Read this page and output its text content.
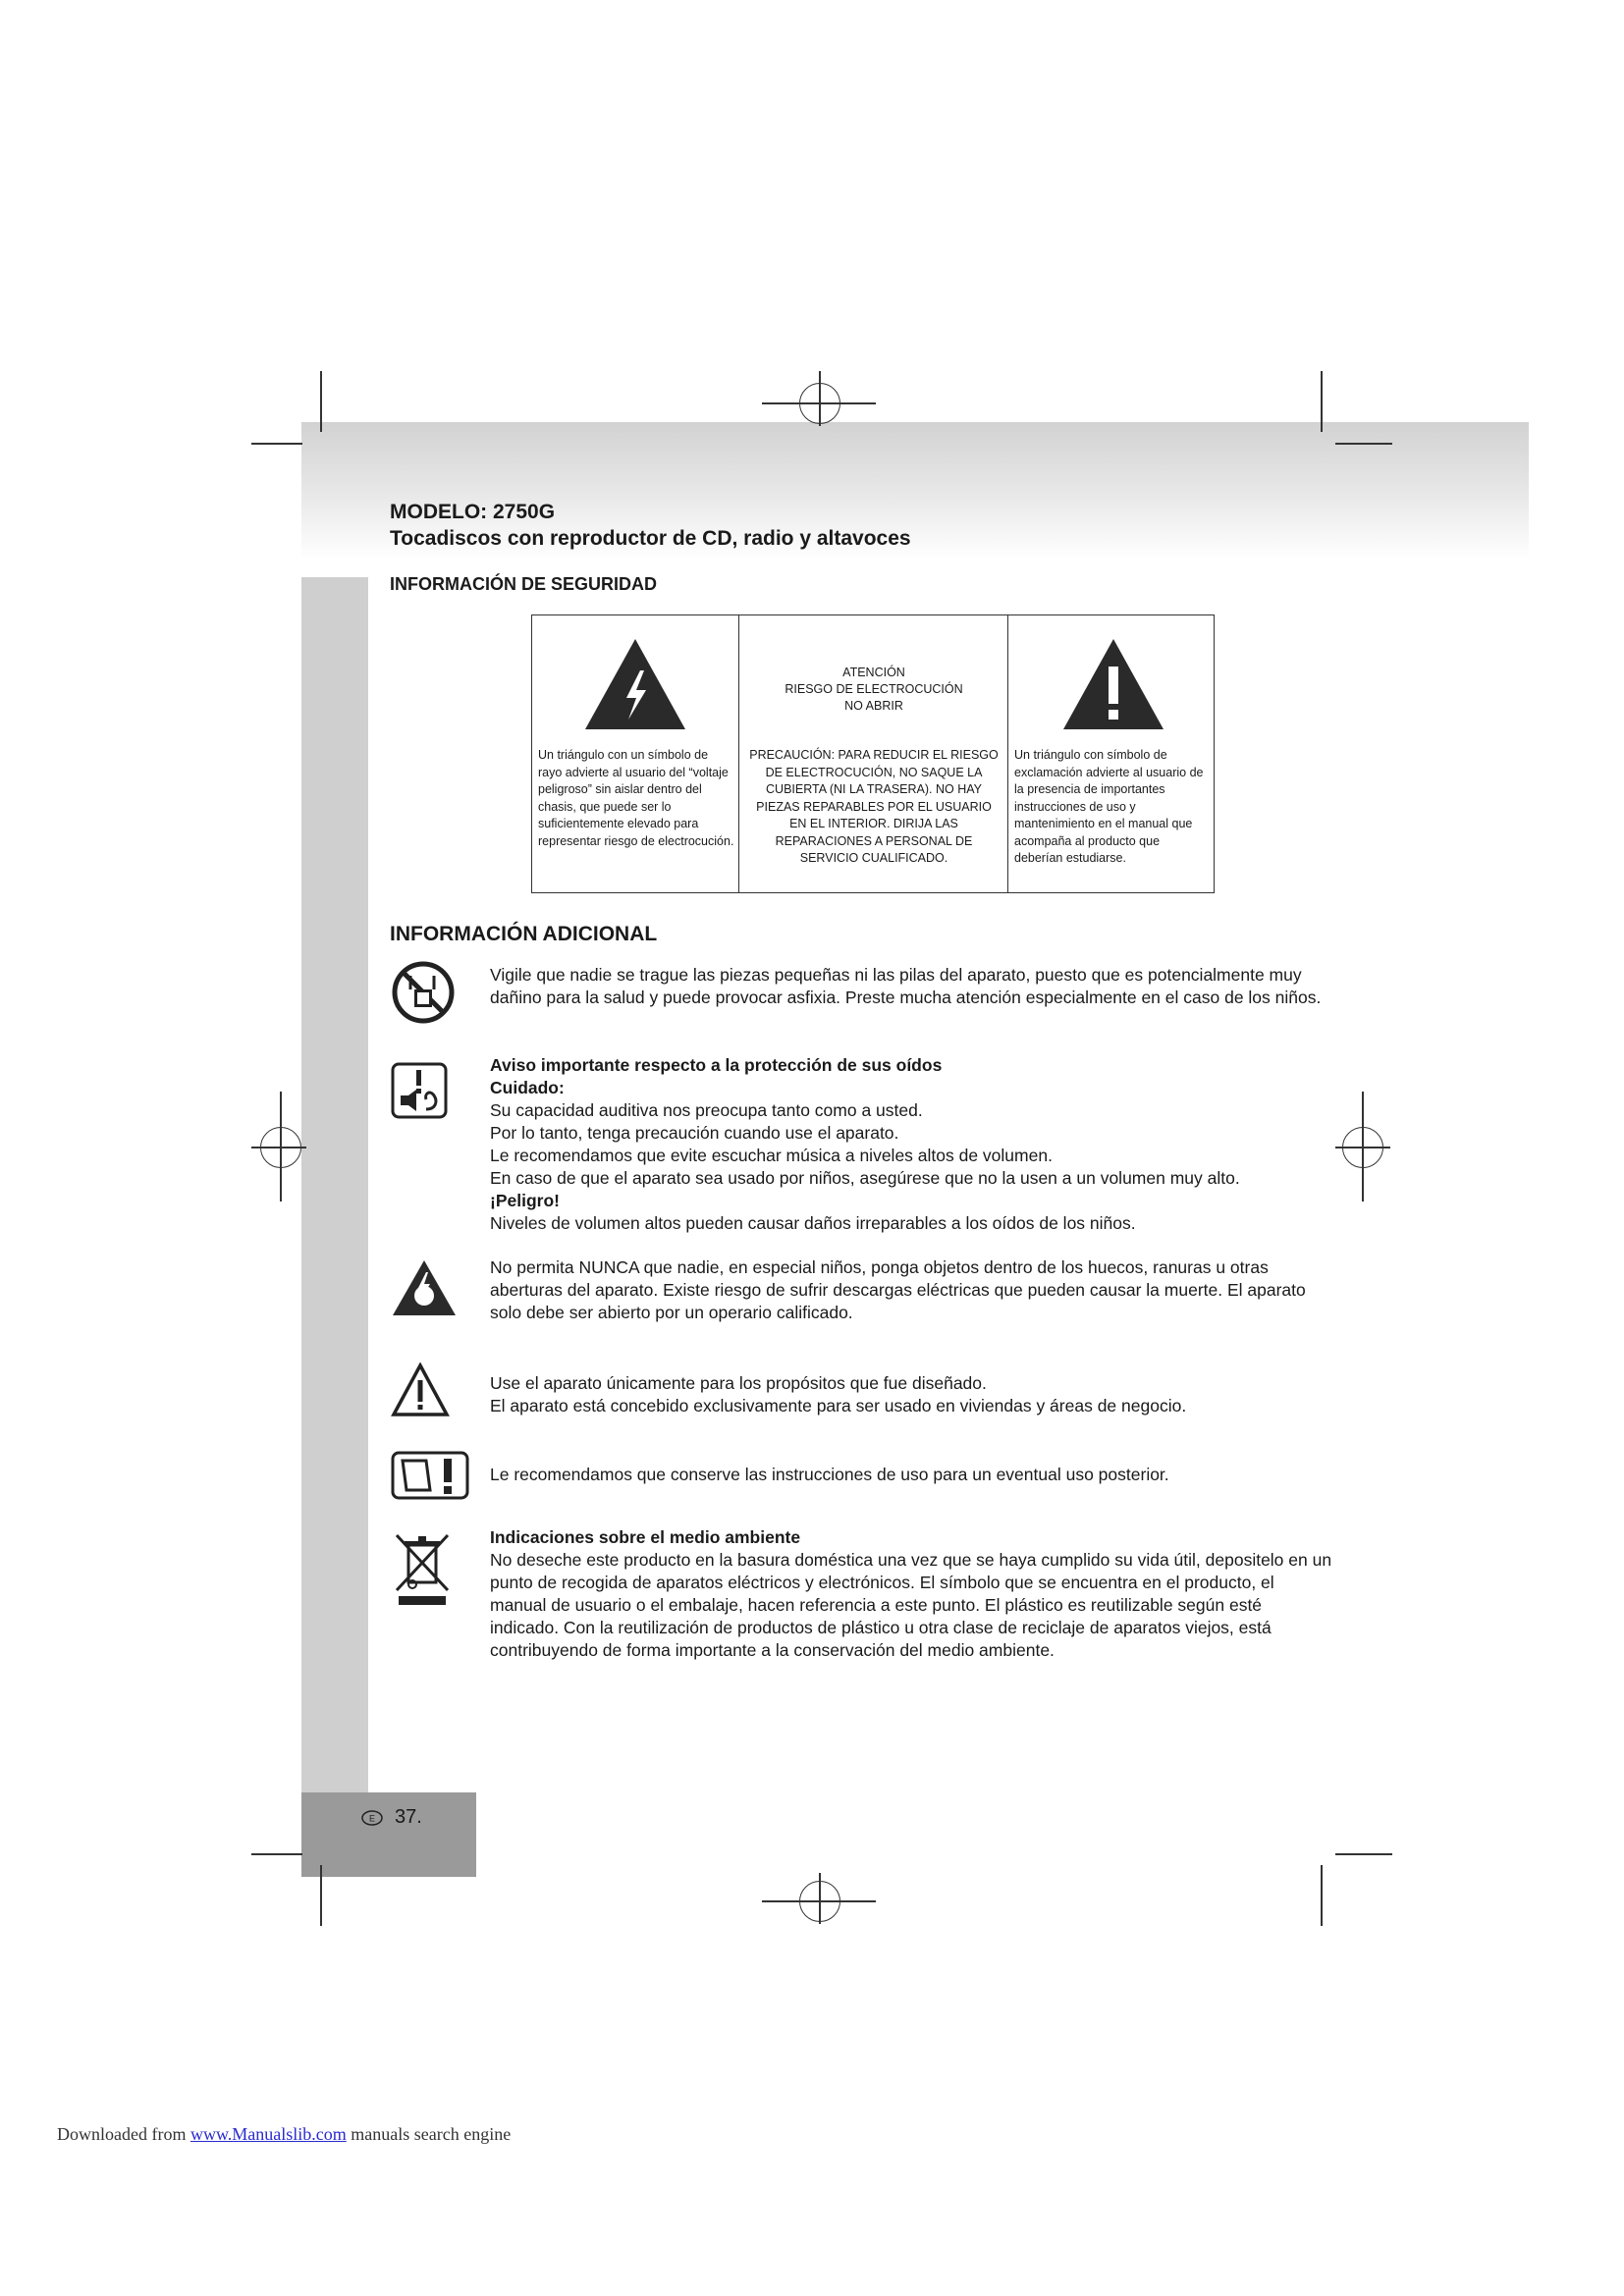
MODELO: 2750G
Tocadiscos con reproductor de CD, radio y altavoces
INFORMACIÓN DE SEGURIDAD
Un triángulo con un símbolo de rayo advierte al usuario del “voltaje peligroso” sin aislar dentro del chasis, que puede ser lo suficientemente elevado para representar riesgo de electrocución.
ATENCIÓN
RIESGO DE ELECTROCUCIÓN
NO ABRIR
PRECAUCIÓN: PARA REDUCIR EL RIESGO DE ELECTROCUCIÓN, NO SAQUE LA CUBIERTA (NI LA TRASERA). NO HAY PIEZAS REPARABLES POR EL USUARIO EN EL INTERIOR. DIRIJA LAS REPARACIONES A PERSONAL DE SERVICIO CUALIFICADO.
Un triángulo con símbolo de exclamación advierte al usuario de la presencia de importantes instrucciones de uso y mantenimiento en el manual que acompaña al producto que deberían estudiarse.
INFORMACIÓN ADICIONAL
Vigile que nadie se trague las piezas pequeñas ni las pilas del aparato, puesto que es potencialmente muy dañino para la salud y puede provocar asfixia. Preste mucha atención especialmente en el caso de los niños.
Aviso importante respecto a la protección de sus oídos
Cuidado:
Su capacidad auditiva nos preocupa tanto como a usted.
Por lo tanto, tenga precaución cuando use el aparato.
Le recomendamos que evite escuchar música a niveles altos de volumen.
En caso de que el aparato sea usado por niños, asegúrese que no la usen a un volumen muy alto.
¡Peligro!
Niveles de volumen altos pueden causar daños irreparables a los oídos de los niños.
No permita NUNCA que nadie, en especial niños, ponga objetos dentro de los huecos, ranuras u otras aberturas del aparato. Existe riesgo de sufrir descargas eléctricas que pueden causar la muerte. El aparato solo debe ser abierto por un operario calificado.
Use el aparato únicamente para los propósitos que fue diseñado.
El aparato está concebido exclusivamente para ser usado en viviendas y áreas de negocio.
Le recomendamos que conserve las instrucciones de uso para un eventual uso posterior.
Indicaciones sobre el medio ambiente
No deseche este producto en la basura doméstica una vez que se haya cumplido su vida útil, depositelo en un punto de recogida de aparatos eléctricos y electrónicos. El símbolo que se encuentra en el producto, el manual de usuario o el embalaje, hacen referencia a este punto. El plástico es reutilizable según esté indicado. Con la reutilización de productos de plástico u otra clase de reciclaje de aparatos viejos, está contribuyendo de forma importante a la conservación del medio ambiente.
E 37.
Downloaded from www.Manualslib.com manuals search engine
